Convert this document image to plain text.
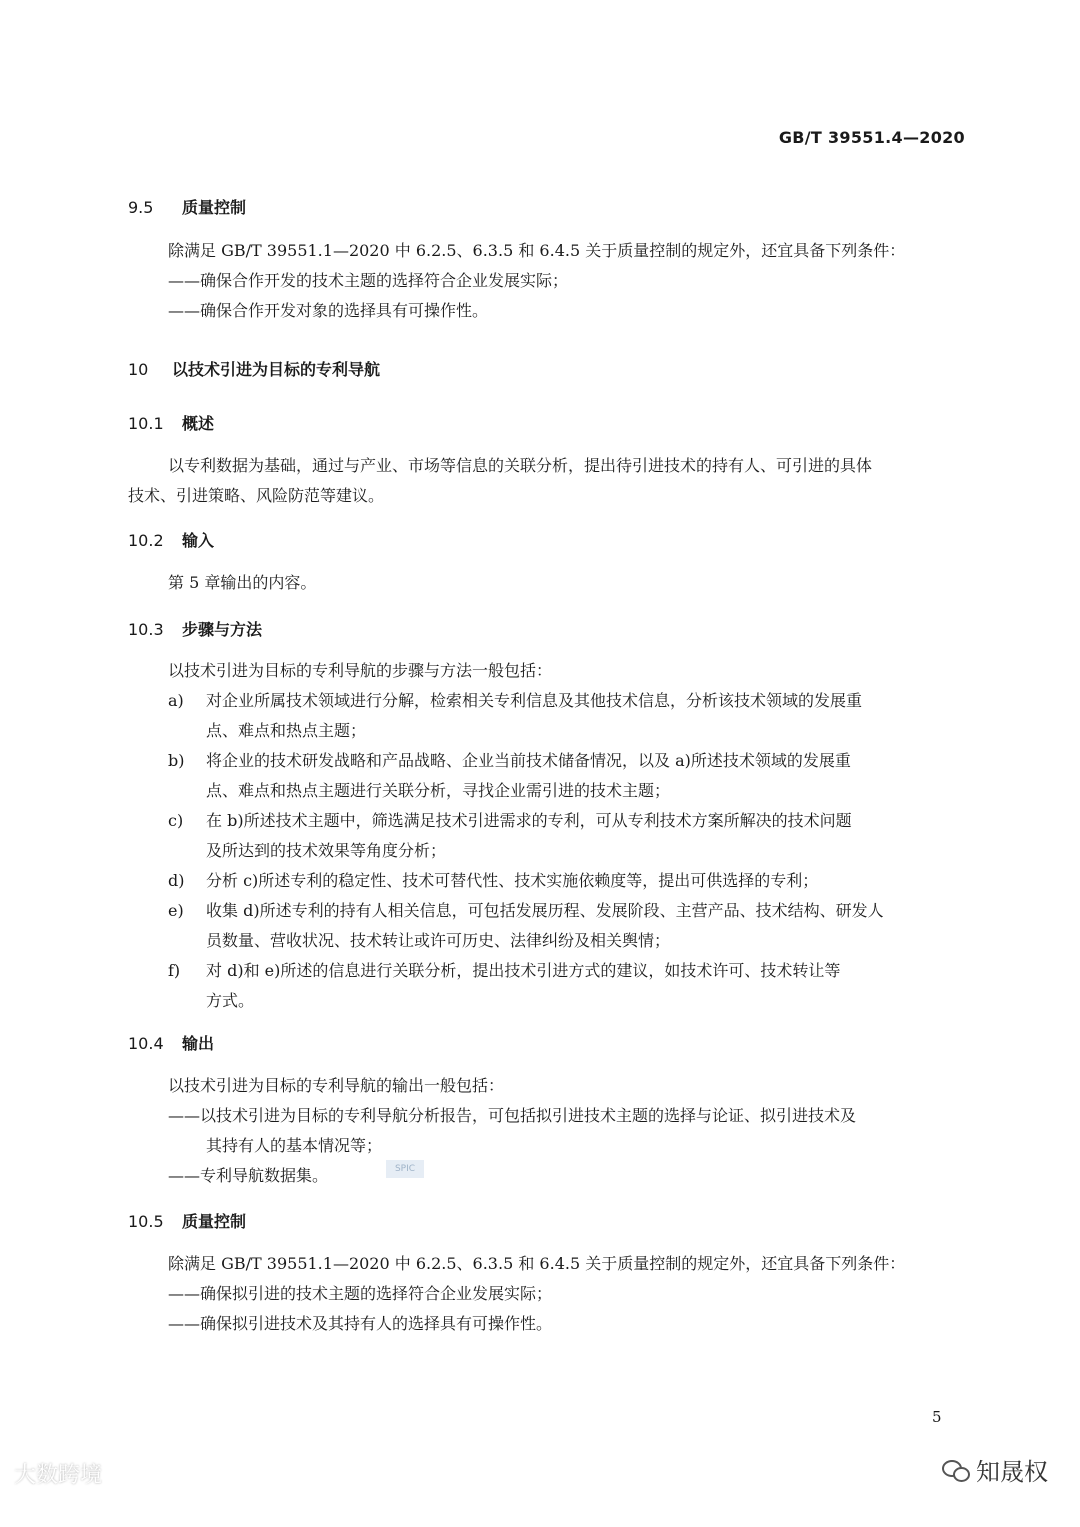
GB/T 39551.4—2020
9.5 质量控制

除满足 GB/T 39551.1—2020 中 6.2.5、6.3.5 和 6.4.5 关于质量控制的规定外，还宜具备下列条件：

——确保合作开发的技术主题的选择符合企业发展实际；

——确保合作开发对象的选择具有可操作性。

10 以技术引进为目标的专利导航
10.1 概述

以专利数据为基础，通过与产业、市场等信息的关联分析，提出待引进技术的持有人、可引进的具体

技术、引进策略、风险防范等建议。

10.2 输入

第 5 章输出的内容。

10.3 步骤与方法

以技术引进为目标的专利导航的步骤与方法一般包括：

a)	对企业所属技术领域进行分解，检索相关专利信息及其他技术信息，分析该技术领域的发展重
点、难点和热点主题；
b)	将企业的技术研发战略和产品战略、企业当前技术储备情况，以及 a)所述技术领域的发展重
点、难点和热点主题进行关联分析，寻找企业需引进的技术主题；
c)	在 b)所述技术主题中，筛选满足技术引进需求的专利，可从专利技术方案所解决的技术问题
及所达到的技术效果等角度分析；
d)	分析 c)所述专利的稳定性、技术可替代性、技术实施依赖度等，提出可供选择的专利；
e)	收集 d)所述专利的持有人相关信息，可包括发展历程、发展阶段、主营产品、技术结构、研发人
员数量、营收状况、技术转让或许可历史、法律纠纷及相关舆情；
f)	对 d)和 e)所述的信息进行关联分析，提出技术引进方式的建议，如技术许可、技术转让等
方式。
10.4 输出

以技术引进为目标的专利导航的输出一般包括：

——以技术引进为目标的专利导航分析报告，可包括拟引进技术主题的选择与论证、拟引进技术及
其持有人的基本情况等；

——专利导航数据集。	SPIC
10.5 质量控制

除满足 GB/T 39551.1—2020 中 6.2.5、6.3.5 和 6.4.5 关于质量控制的规定外，还宜具备下列条件：

——确保拟引进的技术主题的选择符合企业发展实际；

——确保拟引进技术及其持有人的选择具有可操作性。

5
大数跨境	知晟权
